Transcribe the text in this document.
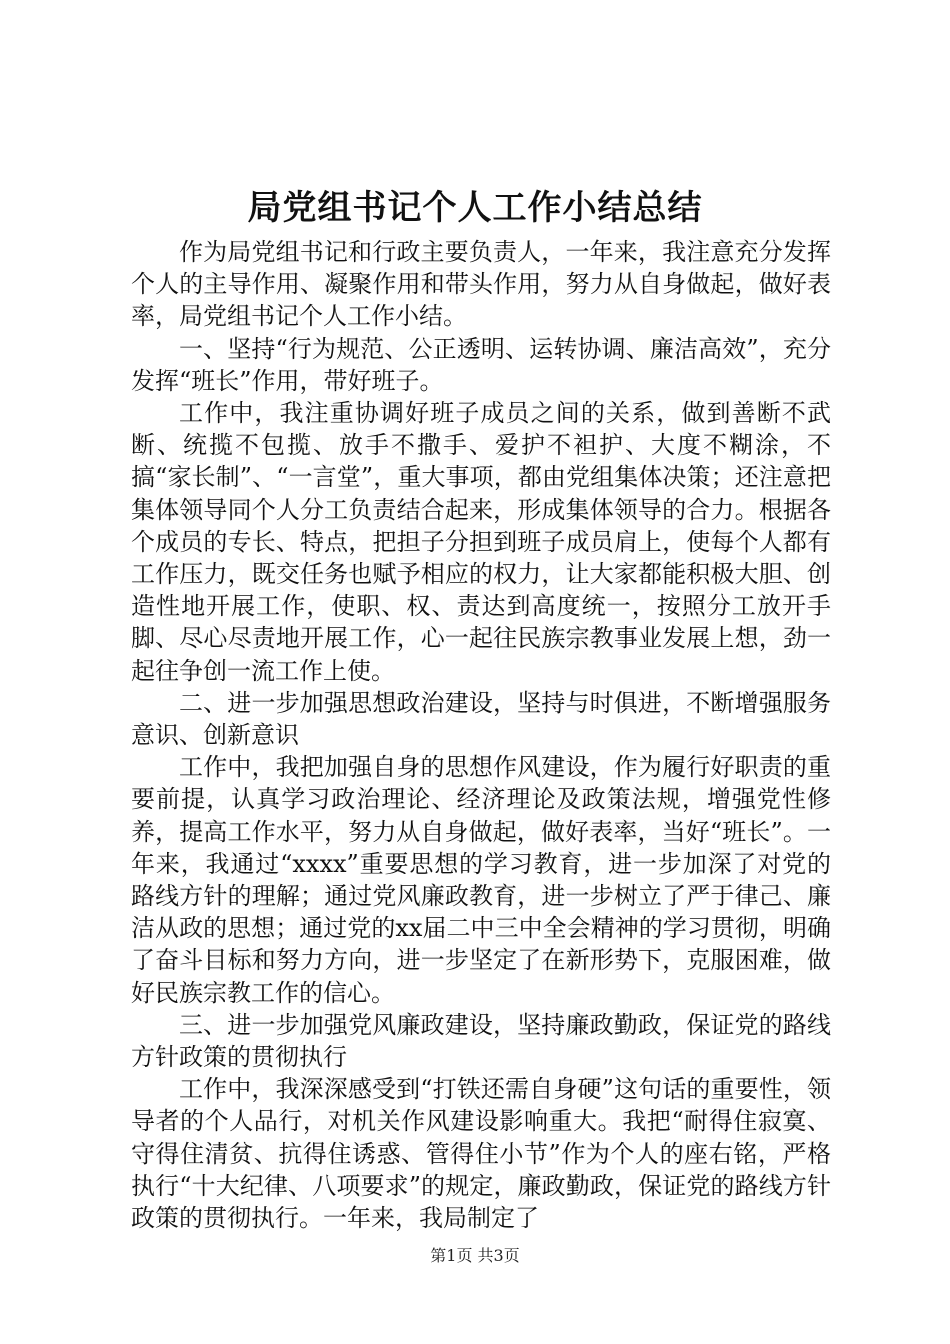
局党组书记个人工作小结总结

作为局党组书记和行政主要负责人，一年来，我注意充分发挥个人的主导作用、凝聚作用和带头作用，努力从自身做起，做好表率，局党组书记个人工作小结。

一、坚持“行为规范、公正透明、运转协调、廉洁高效”，充分发挥“班长”作用，带好班子。

工作中，我注重协调好班子成员之间的关系，做到善断不武断、统揽不包揽、放手不撒手、爱护不袒护、大度不糊涂，不搞“家长制”、“一言堂”，重大事项，都由党组集体决策；还注意把集体领导同个人分工负责结合起来，形成集体领导的合力。根据各个成员的专长、特点，把担子分担到班子成员肩上，使每个人都有工作压力，既交任务也赋予相应的权力，让大家都能积极大胆、创造性地开展工作，使职、权、责达到高度统一，按照分工放开手脚、尽心尽责地开展工作，心一起往民族宗教事业发展上想，劲一起往争创一流工作上使。

二、进一步加强思想政治建设，坚持与时俱进，不断增强服务意识、创新意识

工作中，我把加强自身的思想作风建设，作为履行好职责的重要前提，认真学习政治理论、经济理论及政策法规，增强党性修养，提高工作水平，努力从自身做起，做好表率，当好“班长”。一年来，我通过“xxxx”重要思想的学习教育，进一步加深了对党的路线方针的理解；通过党风廉政教育，进一步树立了严于律己、廉洁从政的思想；通过党的xx届二中三中全会精神的学习贯彻，明确了奋斗目标和努力方向，进一步坚定了在新形势下，克服困难，做好民族宗教工作的信心。

三、进一步加强党风廉政建设，坚持廉政勤政，保证党的路线方针政策的贯彻执行

工作中，我深深感受到“打铁还需自身硬”这句话的重要性，领导者的个人品行，对机关作风建设影响重大。我把“耐得住寂寞、守得住清贫、抗得住诱惑、管得住小节”作为个人的座右铭，严格执行“十大纪律、八项要求”的规定，廉政勤政，保证党的路线方针政策的贯彻执行。一年来，我局制定了

第1页 共3页
